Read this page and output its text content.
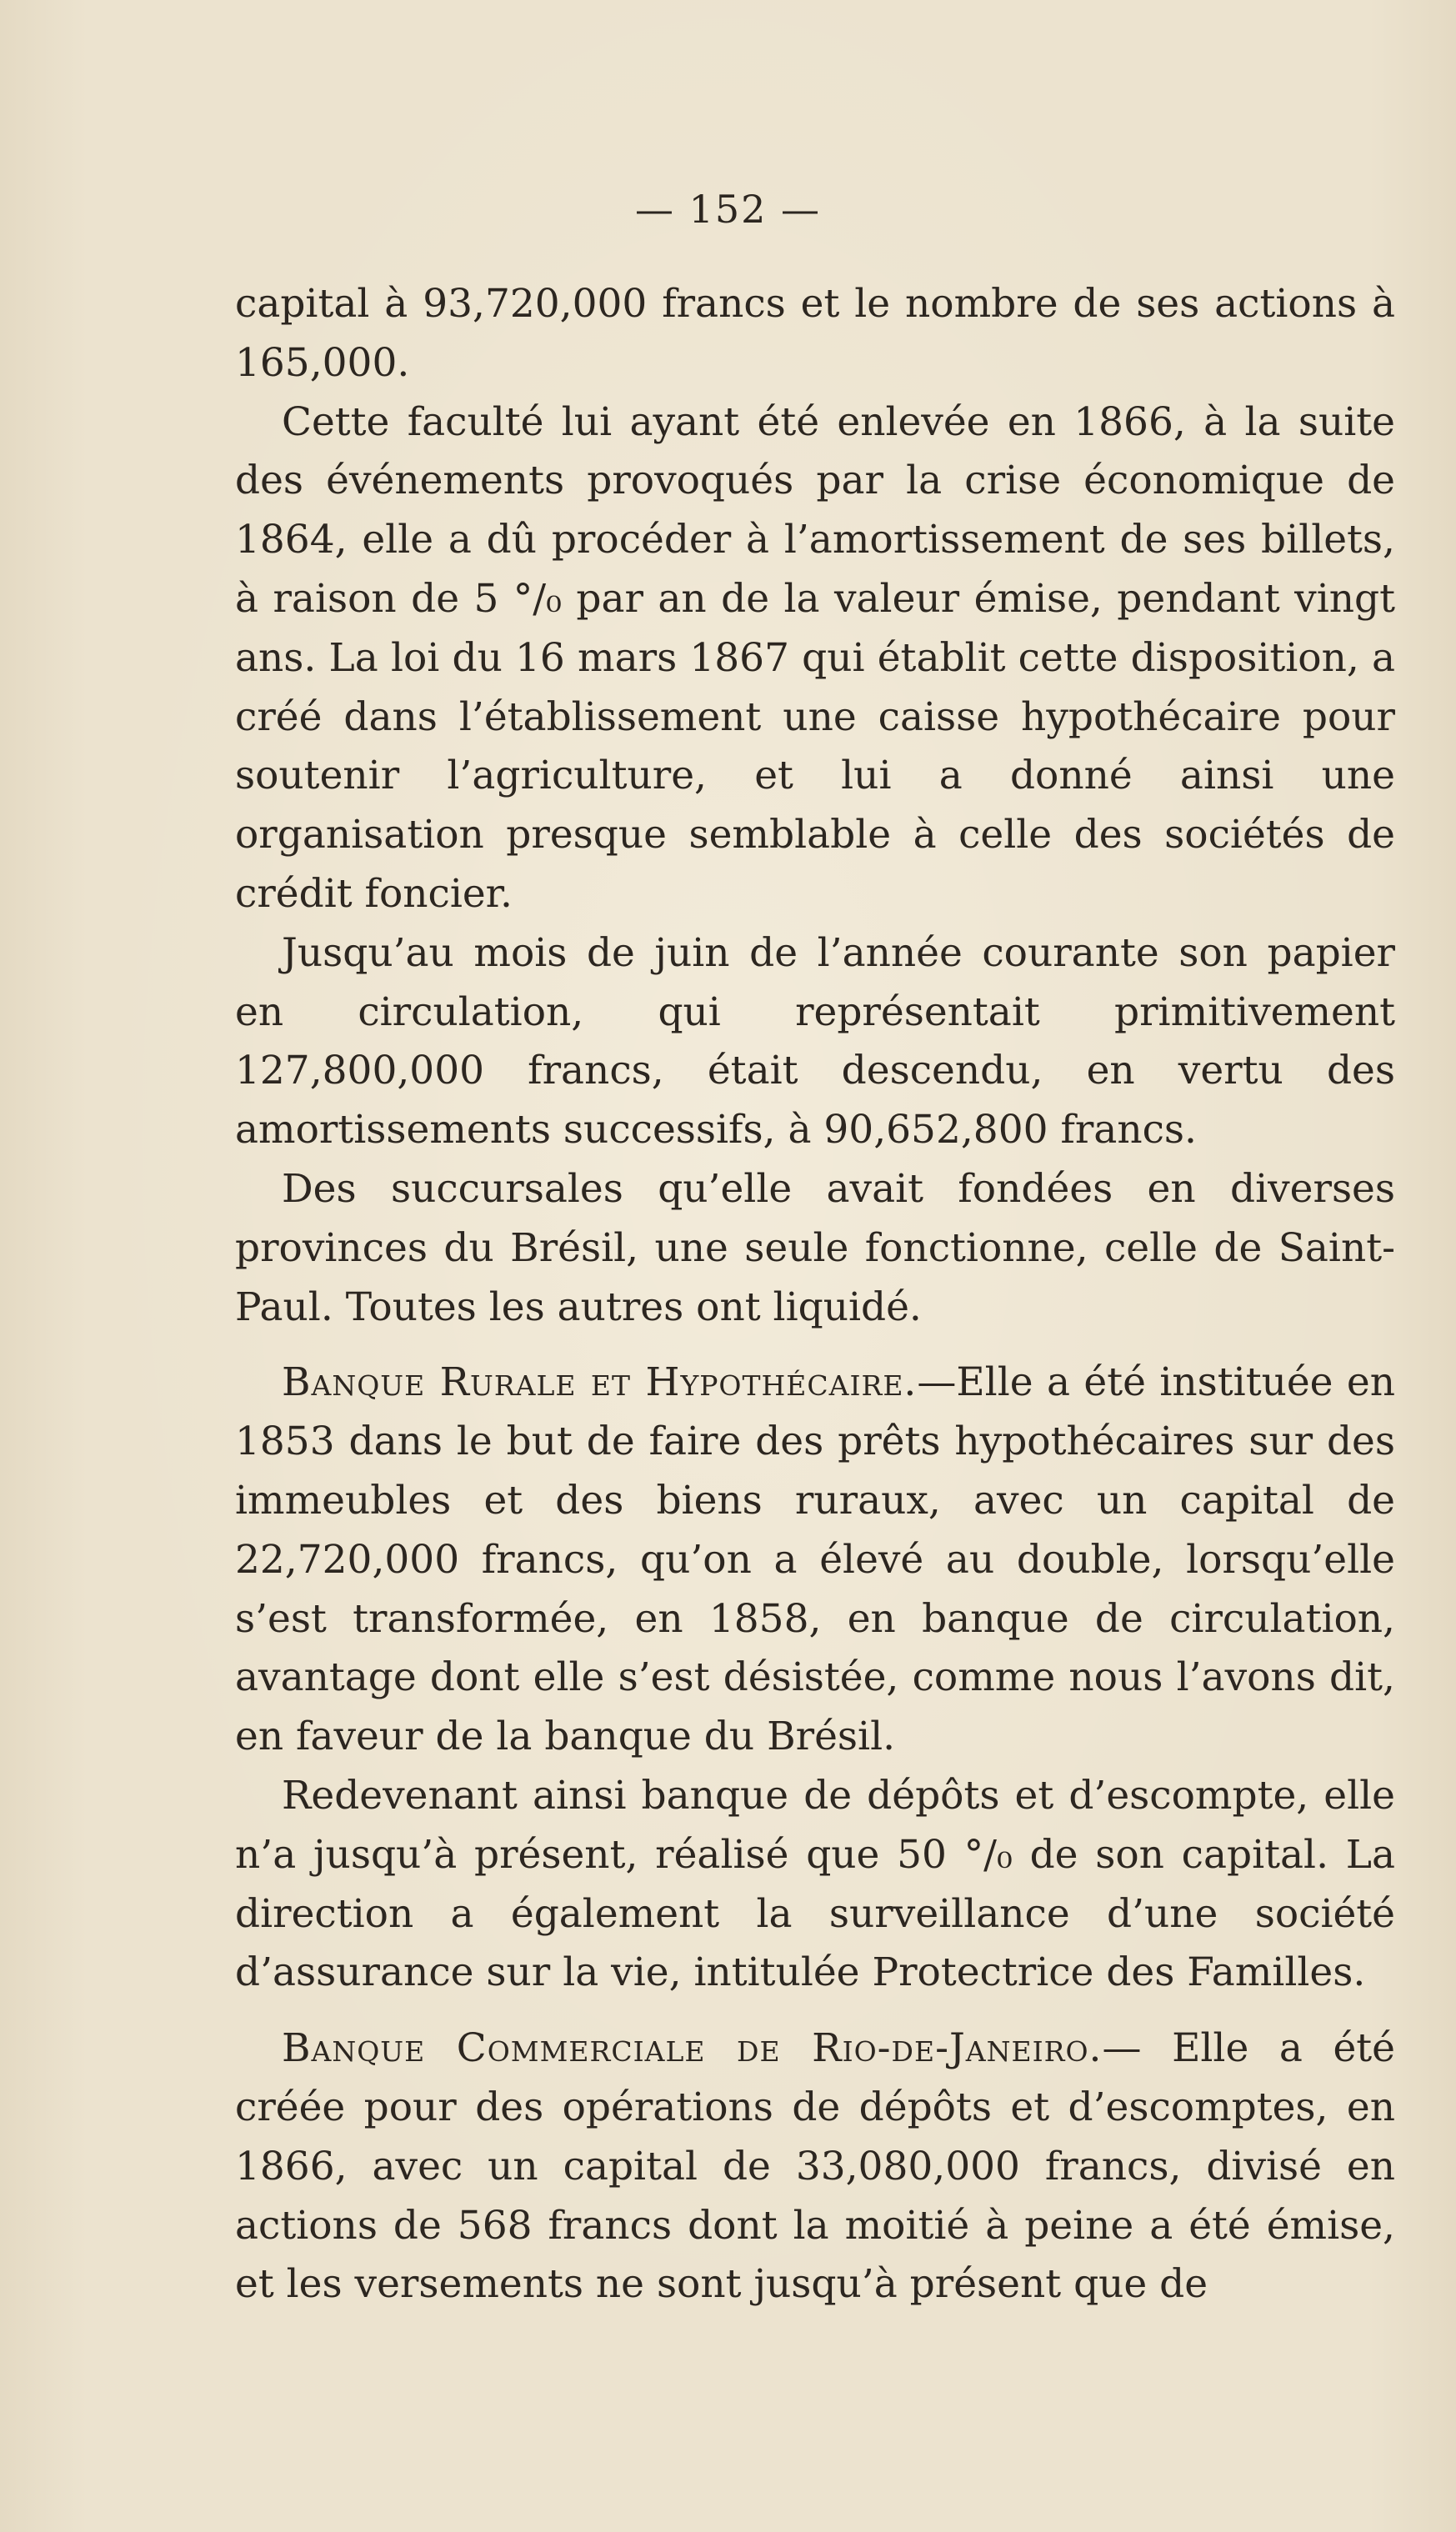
— 152 —

capital à 93,720,000 francs et le nombre de ses actions à 165,000.

Cette faculté lui ayant été enlevée en 1866, à la suite des événements provoqués par la crise économique de 1864, elle a dû procéder à l’amortissement de ses billets, à raison de 5 °/₀ par an de la valeur émise, pendant vingt ans. La loi du 16 mars 1867 qui établit cette disposition, a créé dans l’établissement une caisse hypothécaire pour soutenir l’agriculture, et lui a donné ainsi une organisation presque semblable à celle des sociétés de crédit foncier.

Jusqu’au mois de juin de l’année courante son papier en circulation, qui représentait primitivement 127,800,000 francs, était descendu, en vertu des amortissements successifs, à 90,652,800 francs.

Des succursales qu’elle avait fondées en diverses provinces du Brésil, une seule fonctionne, celle de Saint-Paul. Toutes les autres ont liquidé.

Banque Rurale et Hypothécaire.—Elle a été instituée en 1853 dans le but de faire des prêts hypothécaires sur des immeubles et des biens ruraux, avec un capital de 22,720,000 francs, qu’on a élevé au double, lorsqu’elle s’est transformée, en 1858, en banque de circulation, avantage dont elle s’est désistée, comme nous l’avons dit, en faveur de la banque du Brésil.

Redevenant ainsi banque de dépôts et d’escompte, elle n’a jusqu’à présent, réalisé que 50 °/₀ de son capital. La direction a également la surveillance d’une société d’assurance sur la vie, intitulée Protectrice des Familles.

Banque Commerciale de Rio-de-Janeiro.— Elle a été créée pour des opérations de dépôts et d’escomptes, en 1866, avec un capital de 33,080,000 francs, divisé en actions de 568 francs dont la moitié à peine a été émise, et les versements ne sont jusqu’à présent que de
